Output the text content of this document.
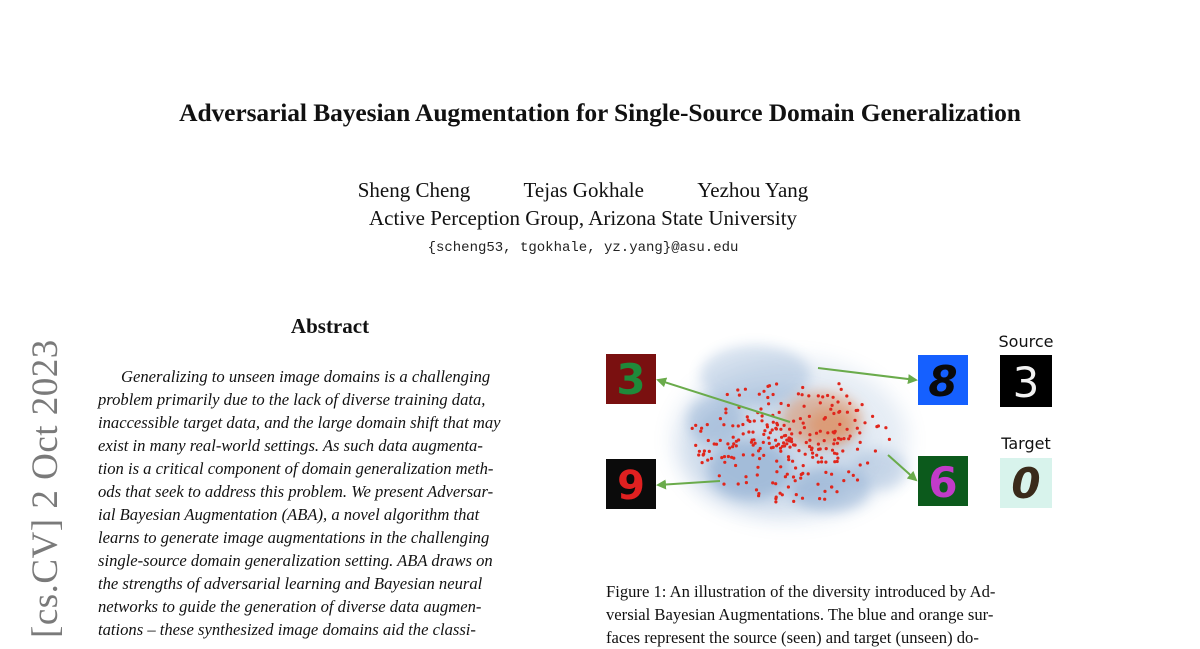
Adversarial Bayesian Augmentation for Single-Source Domain Generalization
Sheng Cheng	Tejas Gokhale	Yezhou Yang
Active Perception Group, Arizona State University
{scheng53, tgokhale, yz.yang}@asu.edu
[cs.CV] 2 Oct 2023
Abstract
Generalizing to unseen image domains is a challenging
problem primarily due to the lack of diverse training data,
inaccessible target data, and the large domain shift that may
exist in many real-world settings. As such data augmenta-
tion is a critical component of domain generalization meth-
ods that seek to address this problem. We present Adversar-
ial Bayesian Augmentation (ABA), a novel algorithm that
learns to generate image augmentations in the challenging
single-source domain generalization setting. ABA draws on
the strengths of adversarial learning and Bayesian neural
networks to guide the generation of diverse data augmen-
tations – these synthesized image domains aid the classi-
3
9
8
6
Source
3
Target
0
Figure 1: An illustration of the diversity introduced by Ad-
versial Bayesian Augmentations. The blue and orange sur-
faces represent the source (seen) and target (unseen) do-
